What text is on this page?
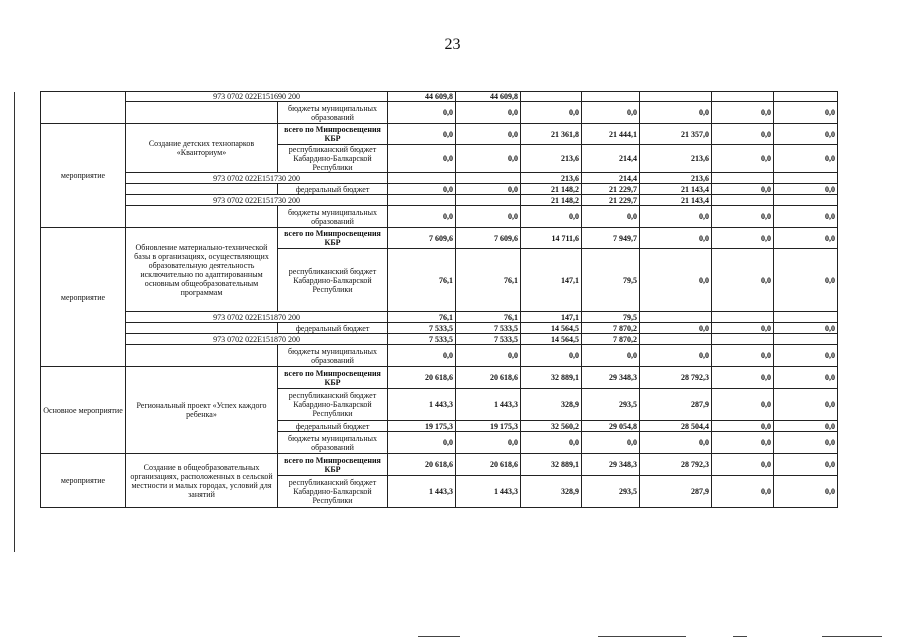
23
	973 0702 022E151690 200		44 609,8	44 609,8					
		бюджеты муниципальных образований	0,0	0,0	0,0	0,0	0,0	0,0	0,0
мероприятие	Создание детских технопарков «Кванториум»	всего по Минпросвещения КБР	0,0	0,0	21 361,8	21 444,1	21 357,0	0,0	0,0
		республиканский бюджет Кабардино-Балкарской Республики	0,0	0,0	213,6	214,4	213,6	0,0	0,0
	973 0702 022E151730 200				213,6	214,4	213,6		
		федеральный бюджет	0,0	0,0	21 148,2	21 229,7	21 143,4	0,0	0,0
	973 0702 022E151730 200				21 148,2	21 229,7	21 143,4		
		бюджеты муниципальных образований	0,0	0,0	0,0	0,0	0,0	0,0	0,0
мероприятие	Обновление материально-технической базы в организациях, осуществляющих образовательную деятельность исключительно по адаптированным основным общеобразовательным программам	всего по Минпросвещения КБР	7 609,6	7 609,6	14 711,6	7 949,7	0,0	0,0	0,0
		республиканский бюджет Кабардино-Балкарской Республики	76,1	76,1	147,1	79,5	0,0	0,0	0,0
	973 0702 022E151870 200		76,1	76,1	147,1	79,5			
		федеральный бюджет	7 533,5	7 533,5	14 564,5	7 870,2	0,0	0,0	0,0
	973 0702 022E151870 200		7 533,5	7 533,5	14 564,5	7 870,2			
		бюджеты муниципальных образований	0,0	0,0	0,0	0,0	0,0	0,0	0,0
Основное мероприятие	Региональный проект «Успех каждого ребенка»	всего по Минпросвещения КБР	20 618,6	20 618,6	32 889,1	29 348,3	28 792,3	0,0	0,0
		республиканский бюджет Кабардино-Балкарской Республики	1 443,3	1 443,3	328,9	293,5	287,9	0,0	0,0
		федеральный бюджет	19 175,3	19 175,3	32 560,2	29 054,8	28 504,4	0,0	0,0
		бюджеты муниципальных образований	0,0	0,0	0,0	0,0	0,0	0,0	0,0
мероприятие	Создание в общеобразовательных организациях, расположенных в сельской местности и малых городах, условий для занятий	всего по Минпросвещения КБР	20 618,6	20 618,6	32 889,1	29 348,3	28 792,3	0,0	0,0
		республиканский бюджет Кабардино-Балкарской Республики	1 443,3	1 443,3	328,9	293,5	287,9	0,0	0,0
